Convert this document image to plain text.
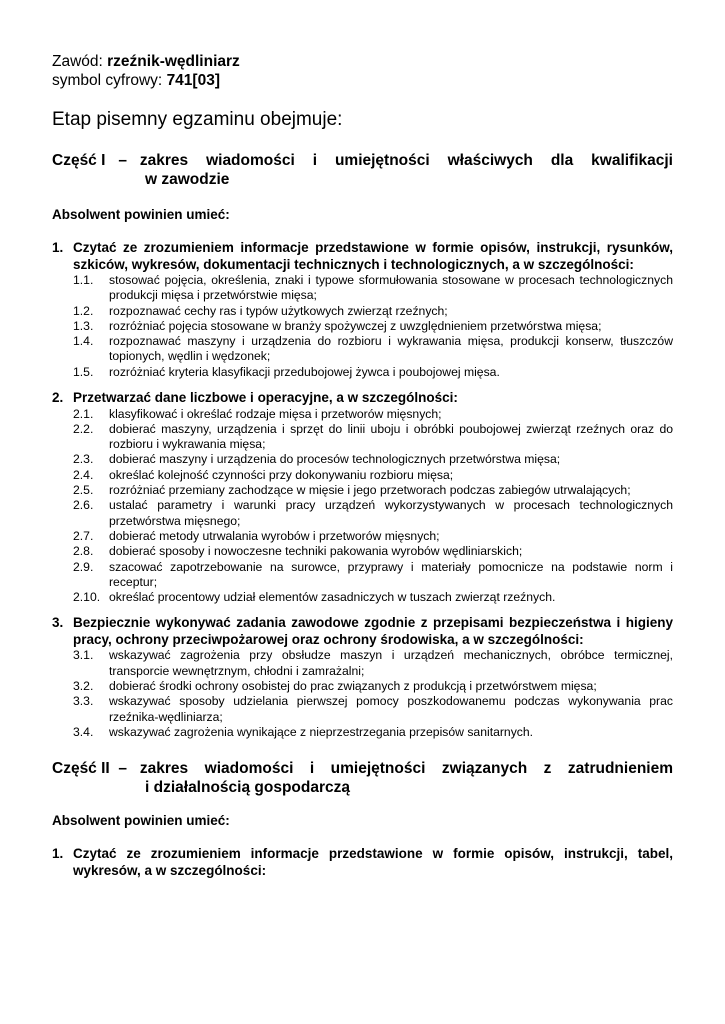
Zawód: rzeźnik-wędliniarz
symbol cyfrowy: 741[03]
Etap pisemny egzaminu obejmuje:
Część I – zakres wiadomości i umiejętności właściwych dla kwalifikacji
w zawodzie
Absolwent powinien umieć:
1. Czytać ze zrozumieniem informacje przedstawione w formie opisów, instrukcji, rysunków, szkiców, wykresów, dokumentacji technicznych i technologicznych, a w szczególności:
1.1.	stosować pojęcia, określenia, znaki i typowe sformułowania stosowane w procesach technologicznych produkcji mięsa i przetwórstwie mięsa;
1.2.	rozpoznawać cechy ras i typów użytkowych zwierząt rzeźnych;
1.3.	rozróżniać pojęcia stosowane w branży spożywczej z uwzględnieniem przetwórstwa mięsa;
1.4.	rozpoznawać maszyny i urządzenia do rozbioru i wykrawania mięsa, produkcji konserw, tłuszczów topionych, wędlin i wędzonek;
1.5.	rozróżniać kryteria klasyfikacji przedubojowej żywca i poubojowej mięsa.
2. Przetwarzać dane liczbowe i operacyjne, a w szczególności:
2.1.	klasyfikować i określać rodzaje mięsa i przetworów mięsnych;
2.2.	dobierać maszyny, urządzenia i sprzęt do linii uboju i obróbki poubojowej zwierząt rzeźnych oraz do rozbioru i wykrawania mięsa;
2.3.	dobierać maszyny i urządzenia do procesów technologicznych przetwórstwa mięsa;
2.4.	określać kolejność czynności przy dokonywaniu rozbioru mięsa;
2.5.	rozróżniać przemiany zachodzące w mięsie i jego przetworach podczas zabiegów utrwalających;
2.6.	ustalać parametry i warunki pracy urządzeń wykorzystywanych w procesach technologicznych przetwórstwa mięsnego;
2.7.	dobierać metody utrwalania wyrobów i przetworów mięsnych;
2.8.	dobierać sposoby i nowoczesne techniki pakowania wyrobów wędliniarskich;
2.9.	szacować zapotrzebowanie na surowce, przyprawy i materiały pomocnicze na podstawie norm i receptur;
2.10. określać procentowy udział elementów zasadniczych w tuszach zwierząt rzeźnych.
3. Bezpiecznie wykonywać zadania zawodowe zgodnie z przepisami bezpieczeństwa i higieny pracy, ochrony przeciwpożarowej oraz ochrony środowiska, a w szczególności:
3.1.	wskazywać zagrożenia przy obsłudze maszyn i urządzeń mechanicznych, obróbce termicznej, transporcie wewnętrznym, chłodni i zamrażalni;
3.2.	dobierać środki ochrony osobistej do prac związanych z produkcją i przetwórstwem mięsa;
3.3.	wskazywać sposoby udzielania pierwszej pomocy poszkodowanemu podczas wykonywania prac rzeźnika-wędliniarza;
3.4.	wskazywać zagrożenia wynikające z nieprzestrzegania przepisów sanitarnych.
Część II – zakres wiadomości i umiejętności związanych z zatrudnieniem
i działalnością gospodarczą
Absolwent powinien umieć:
1. Czytać ze zrozumieniem informacje przedstawione w formie opisów, instrukcji, tabel, wykresów, a w szczególności:
